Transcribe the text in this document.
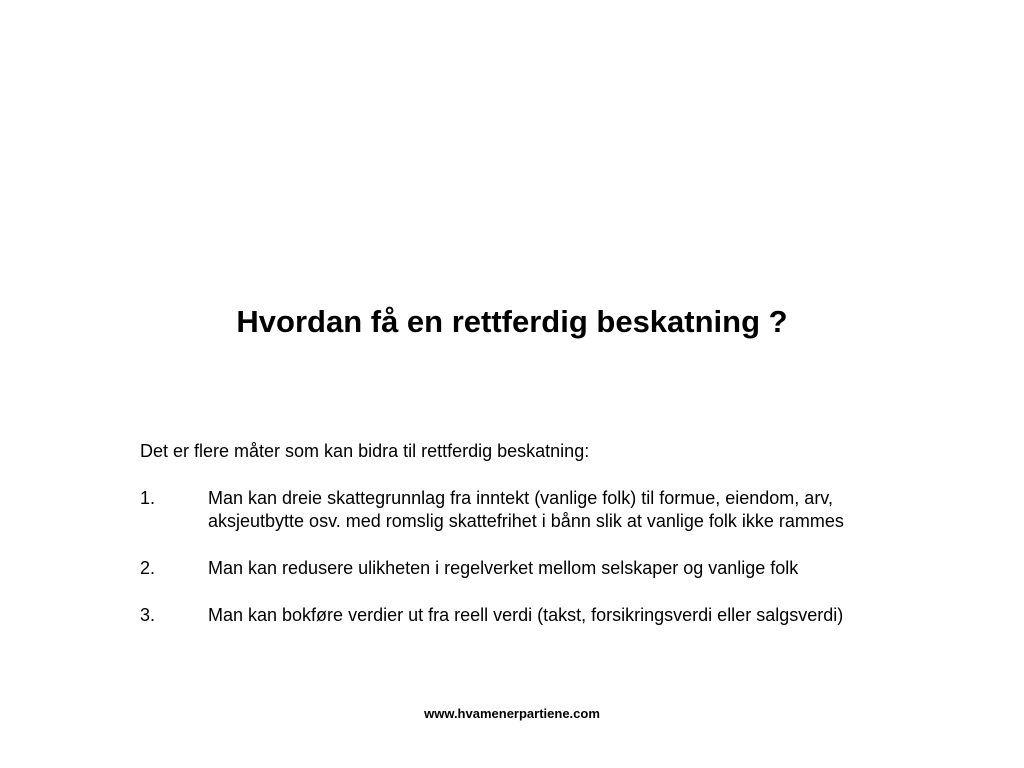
Hvordan få en rettferdig beskatning ?

Det er flere måter som kan bidra til rettferdig beskatning:

1.	Man kan dreie skattegrunnlag fra inntekt (vanlige folk) til formue, eiendom, arv,
aksjeutbytte osv. med romslig skattefrihet i bånn slik at vanlige folk ikke rammes
2.	Man kan redusere ulikheten i regelverket mellom selskaper og vanlige folk
3.	Man kan bokføre verdier ut fra reell verdi (takst, forsikringsverdi eller salgsverdi)
www.hvamenerpartiene.com
